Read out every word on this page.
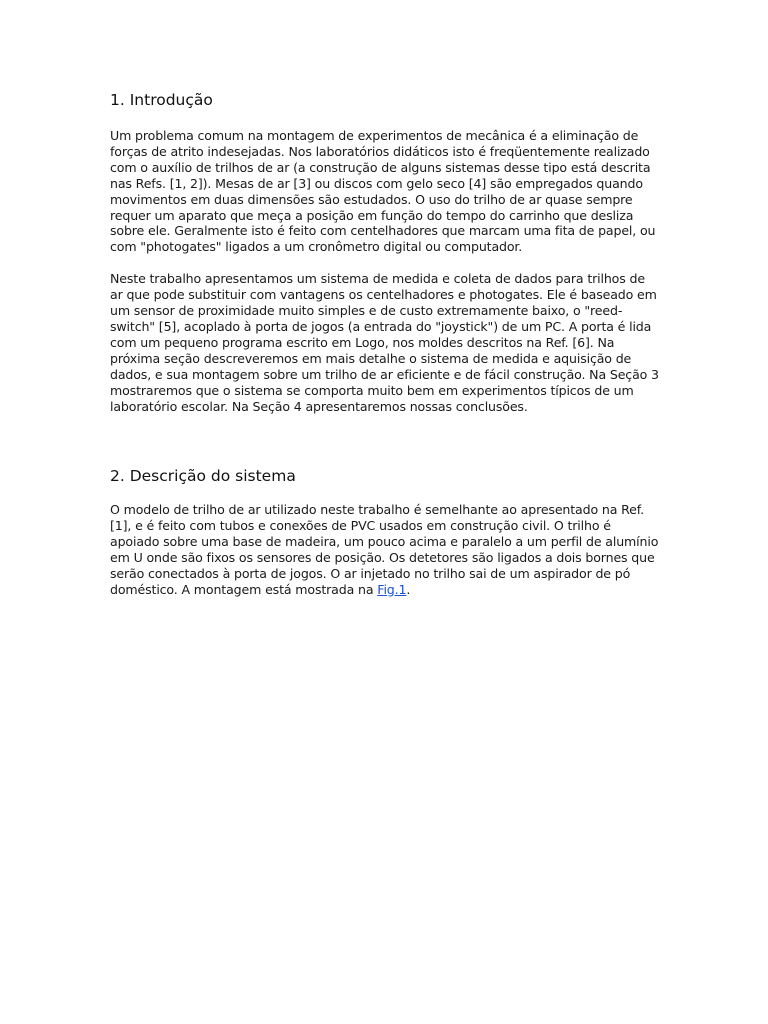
1. Introdução

Um problema comum na montagem de experimentos de mecânica é a eliminação de forças de atrito indesejadas. Nos laboratórios didáticos isto é freqüentemente realizado com o auxílio de trilhos de ar (a construção de alguns sistemas desse tipo está descrita nas Refs. [1, 2]). Mesas de ar [3] ou discos com gelo seco [4] são empregados quando movimentos em duas dimensões são estudados. O uso do trilho de ar quase sempre requer um aparato que meça a posição em função do tempo do carrinho que desliza sobre ele. Geralmente isto é feito com centelhadores que marcam uma fita de papel, ou com "photogates" ligados a um cronômetro digital ou computador.

Neste trabalho apresentamos um sistema de medida e coleta de dados para trilhos de ar que pode substituir com vantagens os centelhadores e photogates. Ele é baseado em um sensor de proximidade muito simples e de custo extremamente baixo, o "reed-switch" [5], acoplado à porta de jogos (a entrada do "joystick") de um PC. A porta é lida com um pequeno programa escrito em Logo, nos moldes descritos na Ref. [6]. Na próxima seção descreveremos em mais detalhe o sistema de medida e aquisição de dados, e sua montagem sobre um trilho de ar eficiente e de fácil construção. Na Seção 3 mostraremos que o sistema se comporta muito bem em experimentos típicos de um laboratório escolar. Na Seção 4 apresentaremos nossas conclusões.

2. Descrição do sistema

O modelo de trilho de ar utilizado neste trabalho é semelhante ao apresentado na Ref. [1], e é feito com tubos e conexões de PVC usados em construção civil. O trilho é apoiado sobre uma base de madeira, um pouco acima e paralelo a um perfil de alumínio em U onde são fixos os sensores de posição. Os detetores são ligados a dois bornes que serão conectados à porta de jogos. O ar injetado no trilho sai de um aspirador de pó doméstico. A montagem está mostrada na Fig.1.
